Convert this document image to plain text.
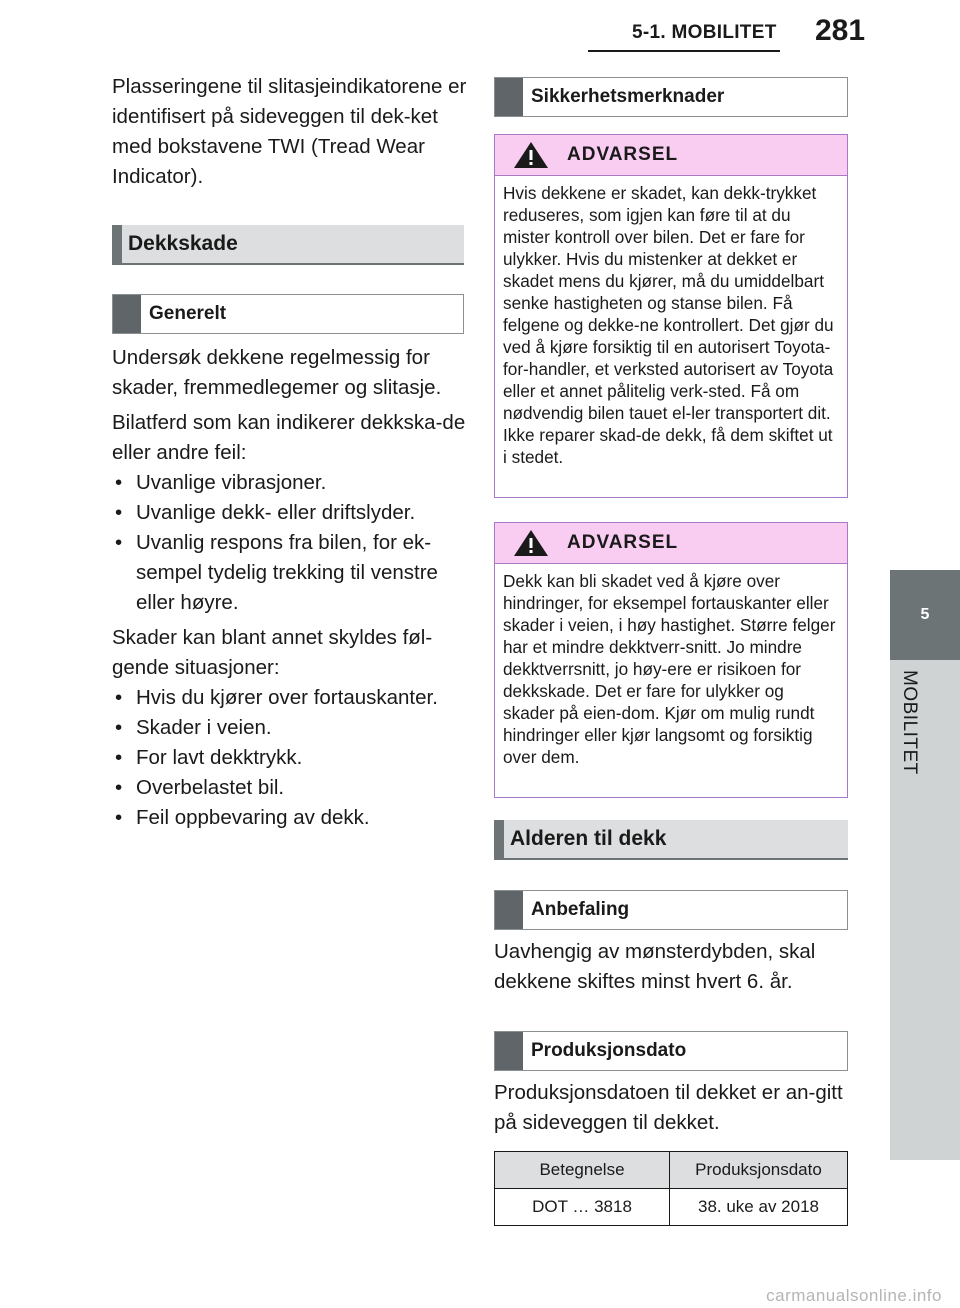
5-1. MOBILITET	281
5
MOBILITET

Plasseringene til slitasjeindikatorene er identifisert på sideveggen til dek-ket med bokstavene TWI (Tread Wear Indicator).

Dekkskade
Generelt

Undersøk dekkene regelmessig for skader, fremmedlegemer og slitasje.

Bilatferd som kan indikerer dekkska-de eller andre feil:

• Uvanlige vibrasjoner.
• Uvanlige dekk- eller driftslyder.
• Uvanlig respons fra bilen, for ek-sempel tydelig trekking til venstre eller høyre.

Skader kan blant annet skyldes føl-gende situasjoner:

• Hvis du kjører over fortauskanter.
• Skader i veien.
• For lavt dekktrykk.
• Overbelastet bil.
• Feil oppbevaring av dekk.
Sikkerhetsmerknader
ADVARSEL
Hvis dekkene er skadet, kan dekk-trykket reduseres, som igjen kan føre til at du mister kontroll over bilen. Det er fare for ulykker. Hvis du mistenker at dekket er skadet mens du kjører, må du umiddelbart senke hastigheten og stanse bilen. Få felgene og dekke-ne kontrollert. Det gjør du ved å kjøre forsiktig til en autorisert Toyota-for-handler, et verksted autorisert av Toyota eller et annet pålitelig verk-sted. Få om nødvendig bilen tauet el-ler transportert dit. Ikke reparer skad-de dekk, få dem skiftet ut i stedet.
ADVARSEL
Dekk kan bli skadet ved å kjøre over hindringer, for eksempel fortauskanter eller skader i veien, i høy hastighet. Større felger har et mindre dekktverr-snitt. Jo mindre dekktverrsnitt, jo høy-ere er risikoen for dekkskade. Det er fare for ulykker og skader på eien-dom. Kjør om mulig rundt hindringer eller kjør langsomt og forsiktig over dem.
Alderen til dekk
Anbefaling

Uavhengig av mønsterdybden, skal dekkene skiftes minst hvert 6. år.

Produksjonsdato

Produksjonsdatoen til dekket er an-gitt på sideveggen til dekket.

Betegnelse	Produksjonsdato
DOT … 3818	38. uke av 2018
carmanualsonline.info
